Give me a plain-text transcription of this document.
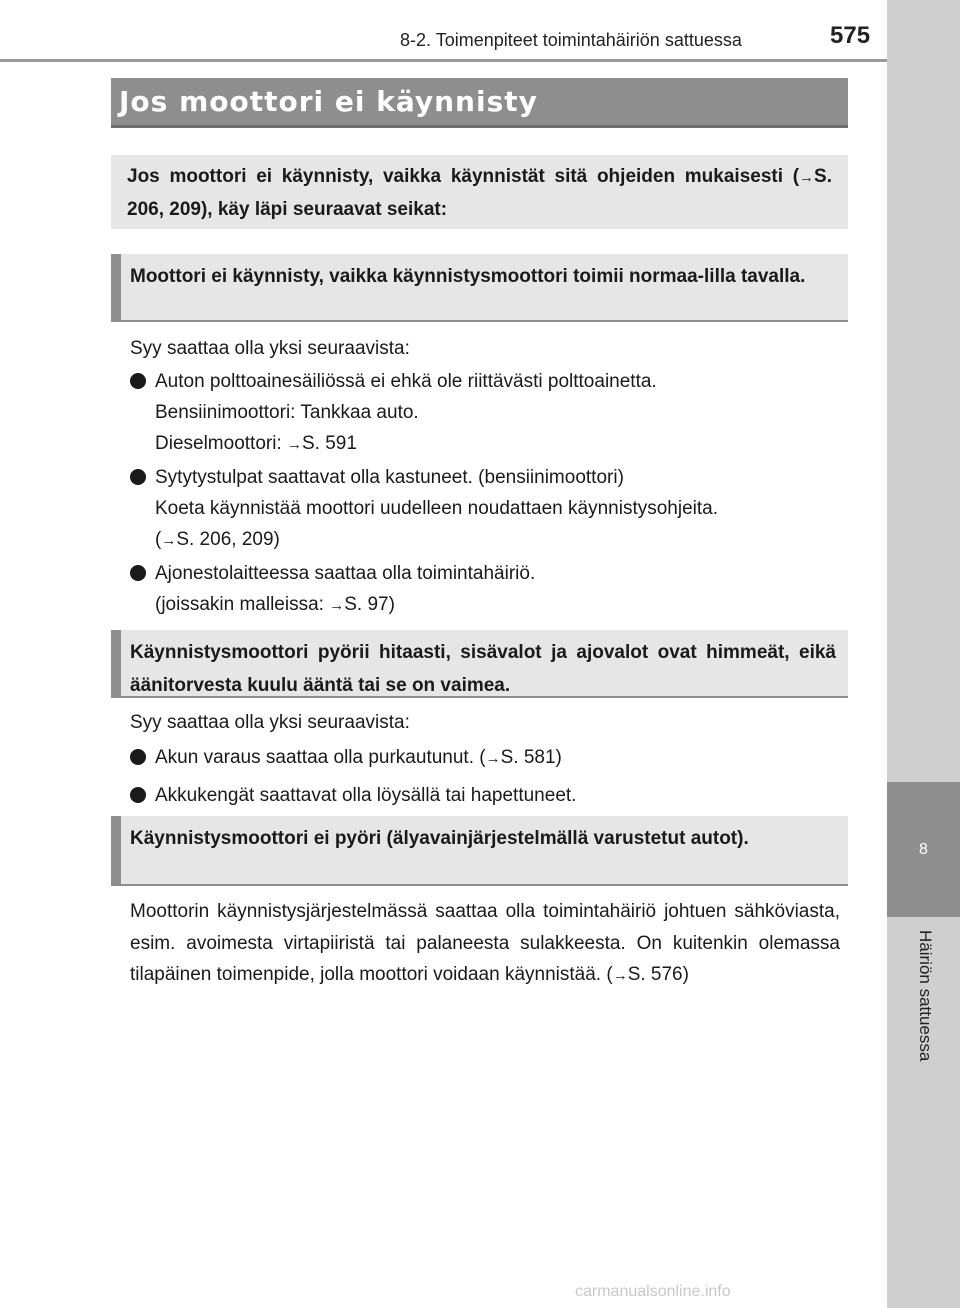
8-2. Toimenpiteet toimintahäiriön sattuessa	575
8
Häiriön sattuessa
Jos moottori ei käynnisty
Jos moottori ei käynnisty, vaikka käynnistät sitä ohjeiden mukaisesti (→S. 206, 209), käy läpi seuraavat seikat:
Moottori ei käynnisty, vaikka käynnistysmoottori toimii normaa-lilla tavalla.

Syy saattaa olla yksi seuraavista:

Auton polttoainesäiliössä ei ehkä ole riittävästi polttoainetta.
Bensiinimoottori: Tankkaa auto.
Dieselmoottori: →S. 591
Sytytystulpat saattavat olla kastuneet. (bensiinimoottori)
Koeta käynnistää moottori uudelleen noudattaen käynnistysohjeita.
(→S. 206, 209)
Ajonestolaitteessa saattaa olla toimintahäiriö.
(joissakin malleissa: →S. 97)
Käynnistysmoottori pyörii hitaasti, sisävalot ja ajovalot ovat himmeät, eikä äänitorvesta kuulu ääntä tai se on vaimea.

Syy saattaa olla yksi seuraavista:

Akun varaus saattaa olla purkautunut. (→S. 581)
Akkukengät saattavat olla löysällä tai hapettuneet.
Käynnistysmoottori ei pyöri (älyavainjärjestelmällä varustetut autot).
Moottorin käynnistysjärjestelmässä saattaa olla toimintahäiriö johtuen sähköviasta, esim. avoimesta virtapiiristä tai palaneesta sulakkeesta. On kuitenkin olemassa tilapäinen toimenpide, jolla moottori voidaan käynnistää. (→S. 576)
carmanualsonline.info
